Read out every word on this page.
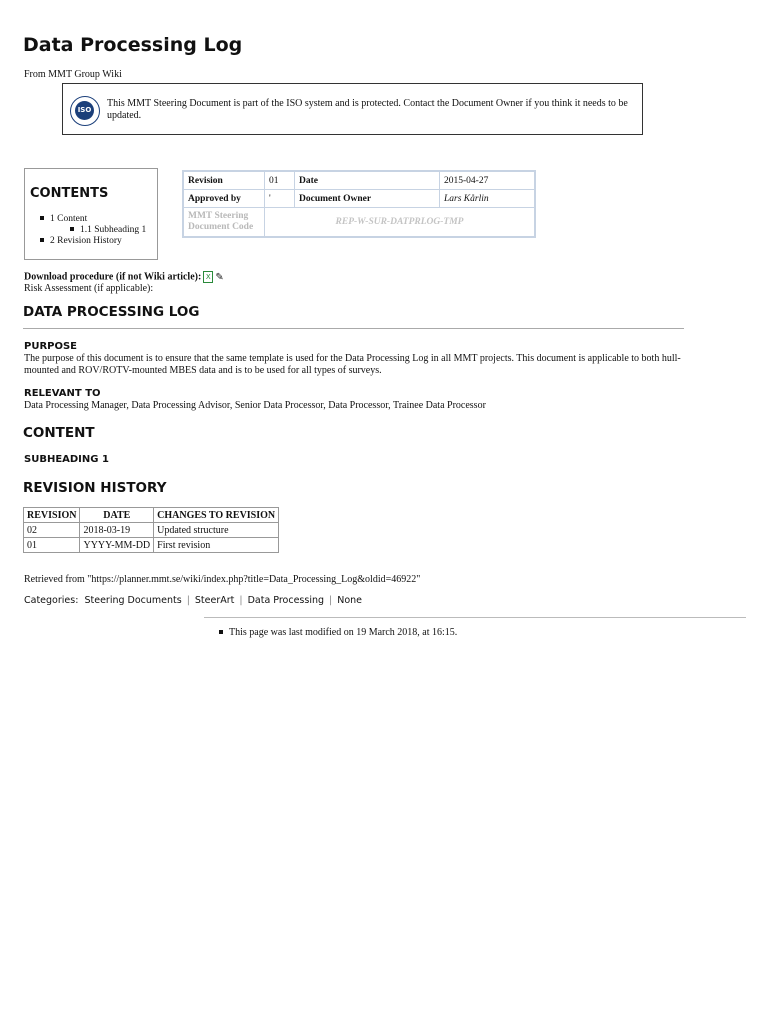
Data Processing Log
From MMT Group Wiki
ISO
This MMT Steering Document is part of the ISO system and is protected. Contact the Document Owner if you think it needs to be updated.
CONTENTS
1 Content
1.1 Subheading 1
2 Revision History
Revision	01	Date	2015-04-27
Approved by	'	Document Owner	Lars Kårlin
MMT Steering
Document Code	REP-W-SUR-DATPRLOG-TMP		
Download procedure (if not Wiki article): X ✎
Risk Assessment (if applicable):
DATA PROCESSING LOG
PURPOSE
The purpose of this document is to ensure that the same template is used for the Data Processing Log in all MMT projects. This document is applicable to both hull-mounted and ROV/ROTV-mounted MBES data and is to be used for all types of surveys.
RELEVANT TO
Data Processing Manager, Data Processing Advisor, Senior Data Processor, Data Processor, Trainee Data Processor
CONTENT
SUBHEADING 1
REVISION HISTORY
REVISION	DATE	CHANGES TO REVISION
02	2018-03-19	Updated structure
01	YYYY-MM-DD	First revision
Retrieved from "https://planner.mmt.se/wiki/index.php?title=Data_Processing_Log&oldid=46922"
Categories: Steering Documents | SteerArt | Data Processing | None
This page was last modified on 19 March 2018, at 16:15.
